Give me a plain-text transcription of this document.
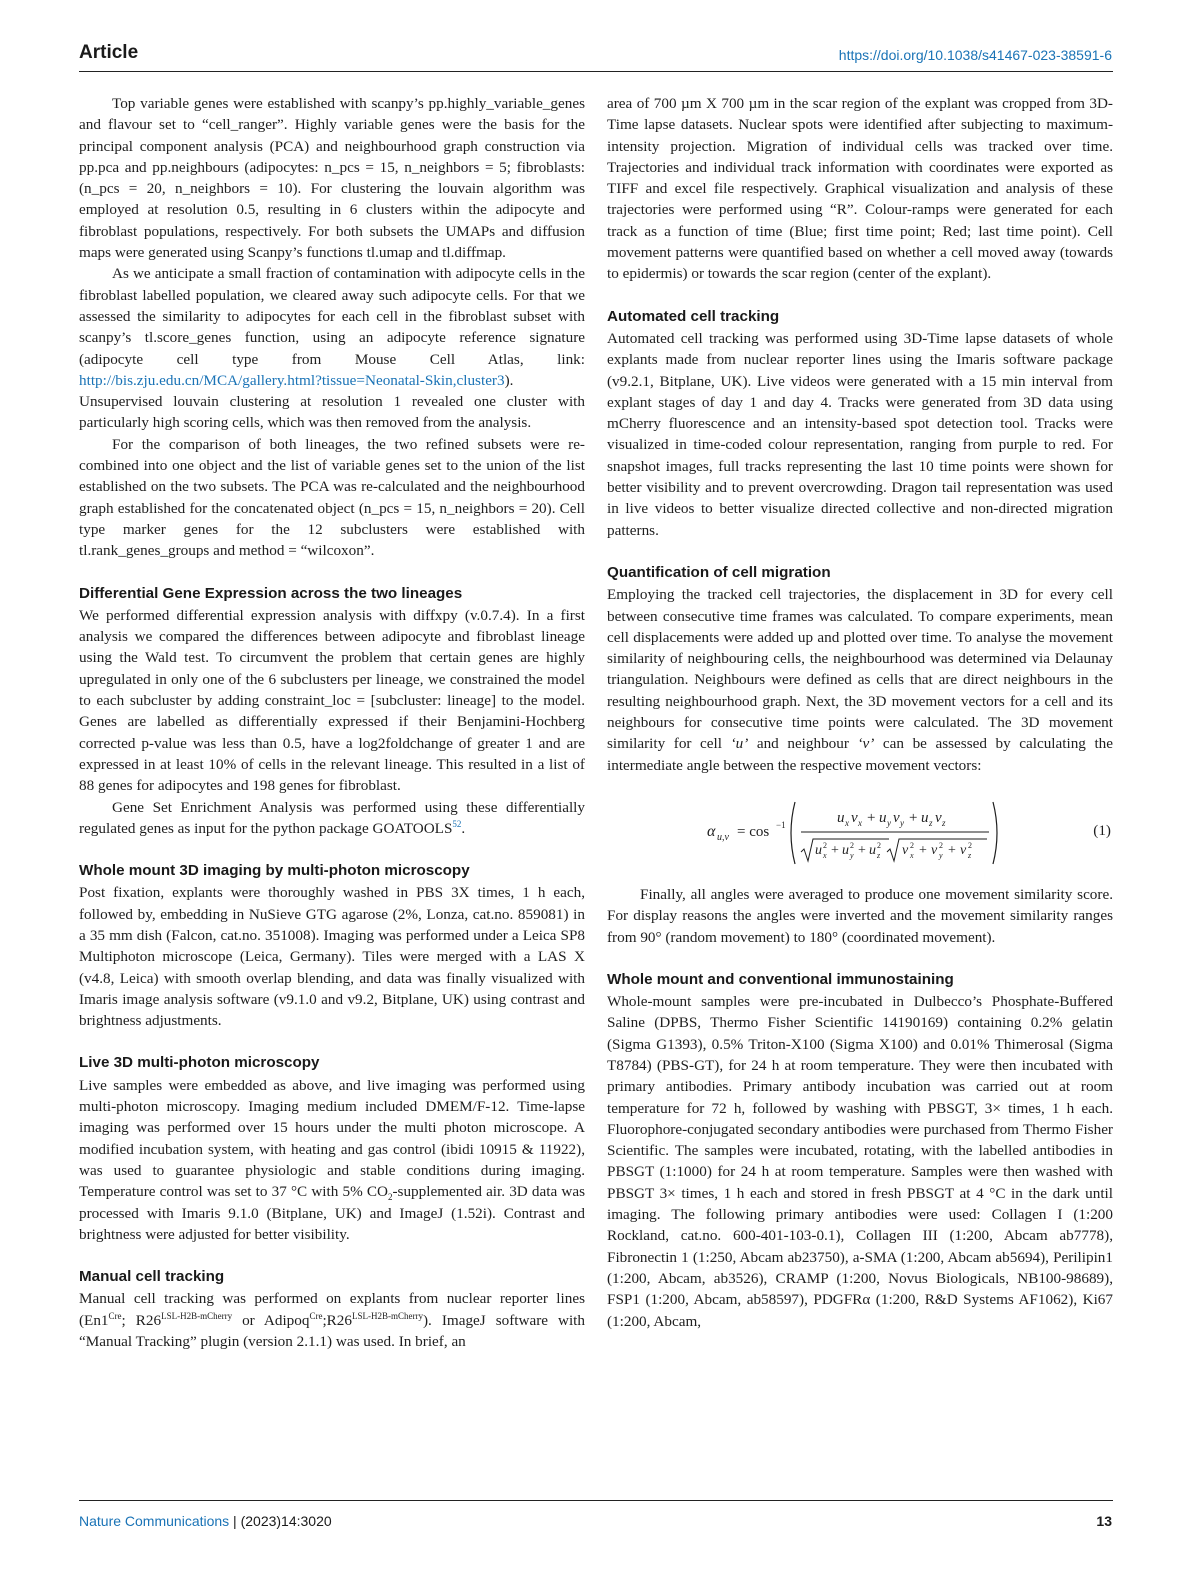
Article	https://doi.org/10.1038/s41467-023-38591-6

Top variable genes were established with scanpy’s pp.highly_variable_genes and flavour set to “cell_ranger”. Highly variable genes were the basis for the principal component analysis (PCA) and neighbourhood graph construction via pp.pca and pp.neighbours (adipocytes: n_pcs = 15, n_neighbors = 5; fibroblasts: (n_pcs = 20, n_neighbors = 10). For clustering the louvain algorithm was employed at resolution 0.5, resulting in 6 clusters within the adipocyte and fibroblast populations, respectively. For both subsets the UMAPs and diffusion maps were generated using Scanpy’s functions tl.umap and tl.diffmap.

As we anticipate a small fraction of contamination with adipocyte cells in the fibroblast labelled population, we cleared away such adipocyte cells. For that we assessed the similarity to adipocytes for each cell in the fibroblast subset with scanpy’s tl.score_genes function, using an adipocyte reference signature (adipocyte cell type from Mouse Cell Atlas, link: http://bis.zju.edu.cn/MCA/gallery.html?tissue=Neonatal-Skin,cluster3). Unsupervised louvain clustering at resolution 1 revealed one cluster with particularly high scoring cells, which was then removed from the analysis.

For the comparison of both lineages, the two refined subsets were re-combined into one object and the list of variable genes set to the union of the list established on the two subsets. The PCA was re-calculated and the neighbourhood graph established for the concatenated object (n_pcs = 15, n_neighbors = 20). Cell type marker genes for the 12 subclusters were established with tl.rank_genes_groups and method = “wilcoxon”.

Differential Gene Expression across the two lineages

We performed differential expression analysis with diffxpy (v.0.7.4). In a first analysis we compared the differences between adipocyte and fibroblast lineage using the Wald test. To circumvent the problem that certain genes are highly upregulated in only one of the 6 subclusters per lineage, we constrained the model to each subcluster by adding constraint_loc = [subcluster: lineage] to the model. Genes are labelled as differentially expressed if their Benjamini-Hochberg corrected p-value was less than 0.5, have a log2foldchange of greater 1 and are expressed in at least 10% of cells in the relevant lineage. This resulted in a list of 88 genes for adipocytes and 198 genes for fibroblast.

Gene Set Enrichment Analysis was performed using these differentially regulated genes as input for the python package GOATOOLS$^{52}$.

Whole mount 3D imaging by multi-photon microscopy

Post fixation, explants were thoroughly washed in PBS 3X times, 1 h each, followed by, embedding in NuSieve GTG agarose (2%, Lonza, cat.no. 859081) in a 35 mm dish (Falcon, cat.no. 351008). Imaging was performed under a Leica SP8 Multiphoton microscope (Leica, Germany). Tiles were merged with a LAS X (v4.8, Leica) with smooth overlap blending, and data was finally visualized with Imaris image analysis software (v9.1.0 and v9.2, Bitplane, UK) using contrast and brightness adjustments.

Live 3D multi-photon microscopy

Live samples were embedded as above, and live imaging was performed using multi-photon microscopy. Imaging medium included DMEM/F-12. Time-lapse imaging was performed over 15 hours under the multi photon microscope. A modified incubation system, with heating and gas control (ibidi 10915 & 11922), was used to guarantee physiologic and stable conditions during imaging. Temperature control was set to 37 °C with 5% $CO_2$-supplemented air. 3D data was processed with Imaris 9.1.0 (Bitplane, UK) and ImageJ (1.52i). Contrast and brightness were adjusted for better visibility.

Manual cell tracking

Manual cell tracking was performed on explants from nuclear reporter lines ($En1^{Cre}$; $R26^{LSL-H2B-mCherry}$ or $Adipoq^{Cre};R26^{LSL-H2B-mCherry}$). ImageJ software with “Manual Tracking” plugin (version 2.1.1) was used. In brief, an

area of 700 µm X 700 µm in the scar region of the explant was cropped from 3D-Time lapse datasets. Nuclear spots were identified after subjecting to maximum-intensity projection. Migration of individual cells was tracked over time. Trajectories and individual track information with coordinates were exported as TIFF and excel file respectively. Graphical visualization and analysis of these trajectories were performed using “R”. Colour-ramps were generated for each track as a function of time (Blue; first time point; Red; last time point). Cell movement patterns were quantified based on whether a cell moved away (towards to epidermis) or towards the scar region (center of the explant).

Automated cell tracking

Automated cell tracking was performed using 3D-Time lapse datasets of whole explants made from nuclear reporter lines using the Imaris software package (v9.2.1, Bitplane, UK). Live videos were generated with a 15 min interval from explant stages of day 1 and day 4. Tracks were generated from 3D data using mCherry fluorescence and an intensity-based spot detection tool. Tracks were visualized in time-coded colour representation, ranging from purple to red. For snapshot images, full tracks representing the last 10 time points were shown for better visibility and to prevent overcrowding. Dragon tail representation was used in live videos to better visualize directed collective and non-directed migration patterns.

Quantification of cell migration

Employing the tracked cell trajectories, the displacement in 3D for every cell between consecutive time frames was calculated. To compare experiments, mean cell displacements were added up and plotted over time. To analyse the movement similarity of neighbouring cells, the neighbourhood was determined via Delaunay triangulation. Neighbours were defined as cells that are direct neighbours in the resulting neighbourhood graph. Next, the 3D movement vectors for a cell and its neighbours for consecutive time points were calculated. The 3D movement similarity for cell ‘u’ and neighbour ‘v’ can be assessed by calculating the intermediate angle between the respective movement vectors:

α u,v = cos −1	u x v x + u y v y + u z v z
u 2
x + u 2
y + u 2
z v 2
x + v 2
y + v 2
z
(1)

Finally, all angles were averaged to produce one movement similarity score. For display reasons the angles were inverted and the movement similarity ranges from 90° (random movement) to 180° (coordinated movement).

Whole mount and conventional immunostaining

Whole-mount samples were pre-incubated in Dulbecco’s Phosphate-Buffered Saline (DPBS, Thermo Fisher Scientific 14190169) containing 0.2% gelatin (Sigma G1393), 0.5% Triton-X100 (Sigma X100) and 0.01% Thimerosal (Sigma T8784) (PBS-GT), for 24 h at room temperature. They were then incubated with primary antibodies. Primary antibody incubation was carried out at room temperature for 72 h, followed by washing with PBSGT, 3× times, 1 h each. Fluorophore-conjugated secondary antibodies were purchased from Thermo Fisher Scientific. The samples were incubated, rotating, with the labelled antibodies in PBSGT (1:1000) for 24 h at room temperature. Samples were then washed with PBSGT 3× times, 1 h each and stored in fresh PBSGT at 4 °C in the dark until imaging. The following primary antibodies were used: Collagen I (1:200 Rockland, cat.no. 600-401-103-0.1), Collagen III (1:200, Abcam ab7778), Fibronectin 1 (1:250, Abcam ab23750), a-SMA (1:200, Abcam ab5694), Perilipin1 (1:200, Abcam, ab3526), CRAMP (1:200, Novus Biologicals, NB100-98689), FSP1 (1:200, Abcam, ab58597), PDGFRα (1:200, R&D Systems AF1062), Ki67 (1:200, Abcam,

Nature Communications | (2023)14:3020	13
